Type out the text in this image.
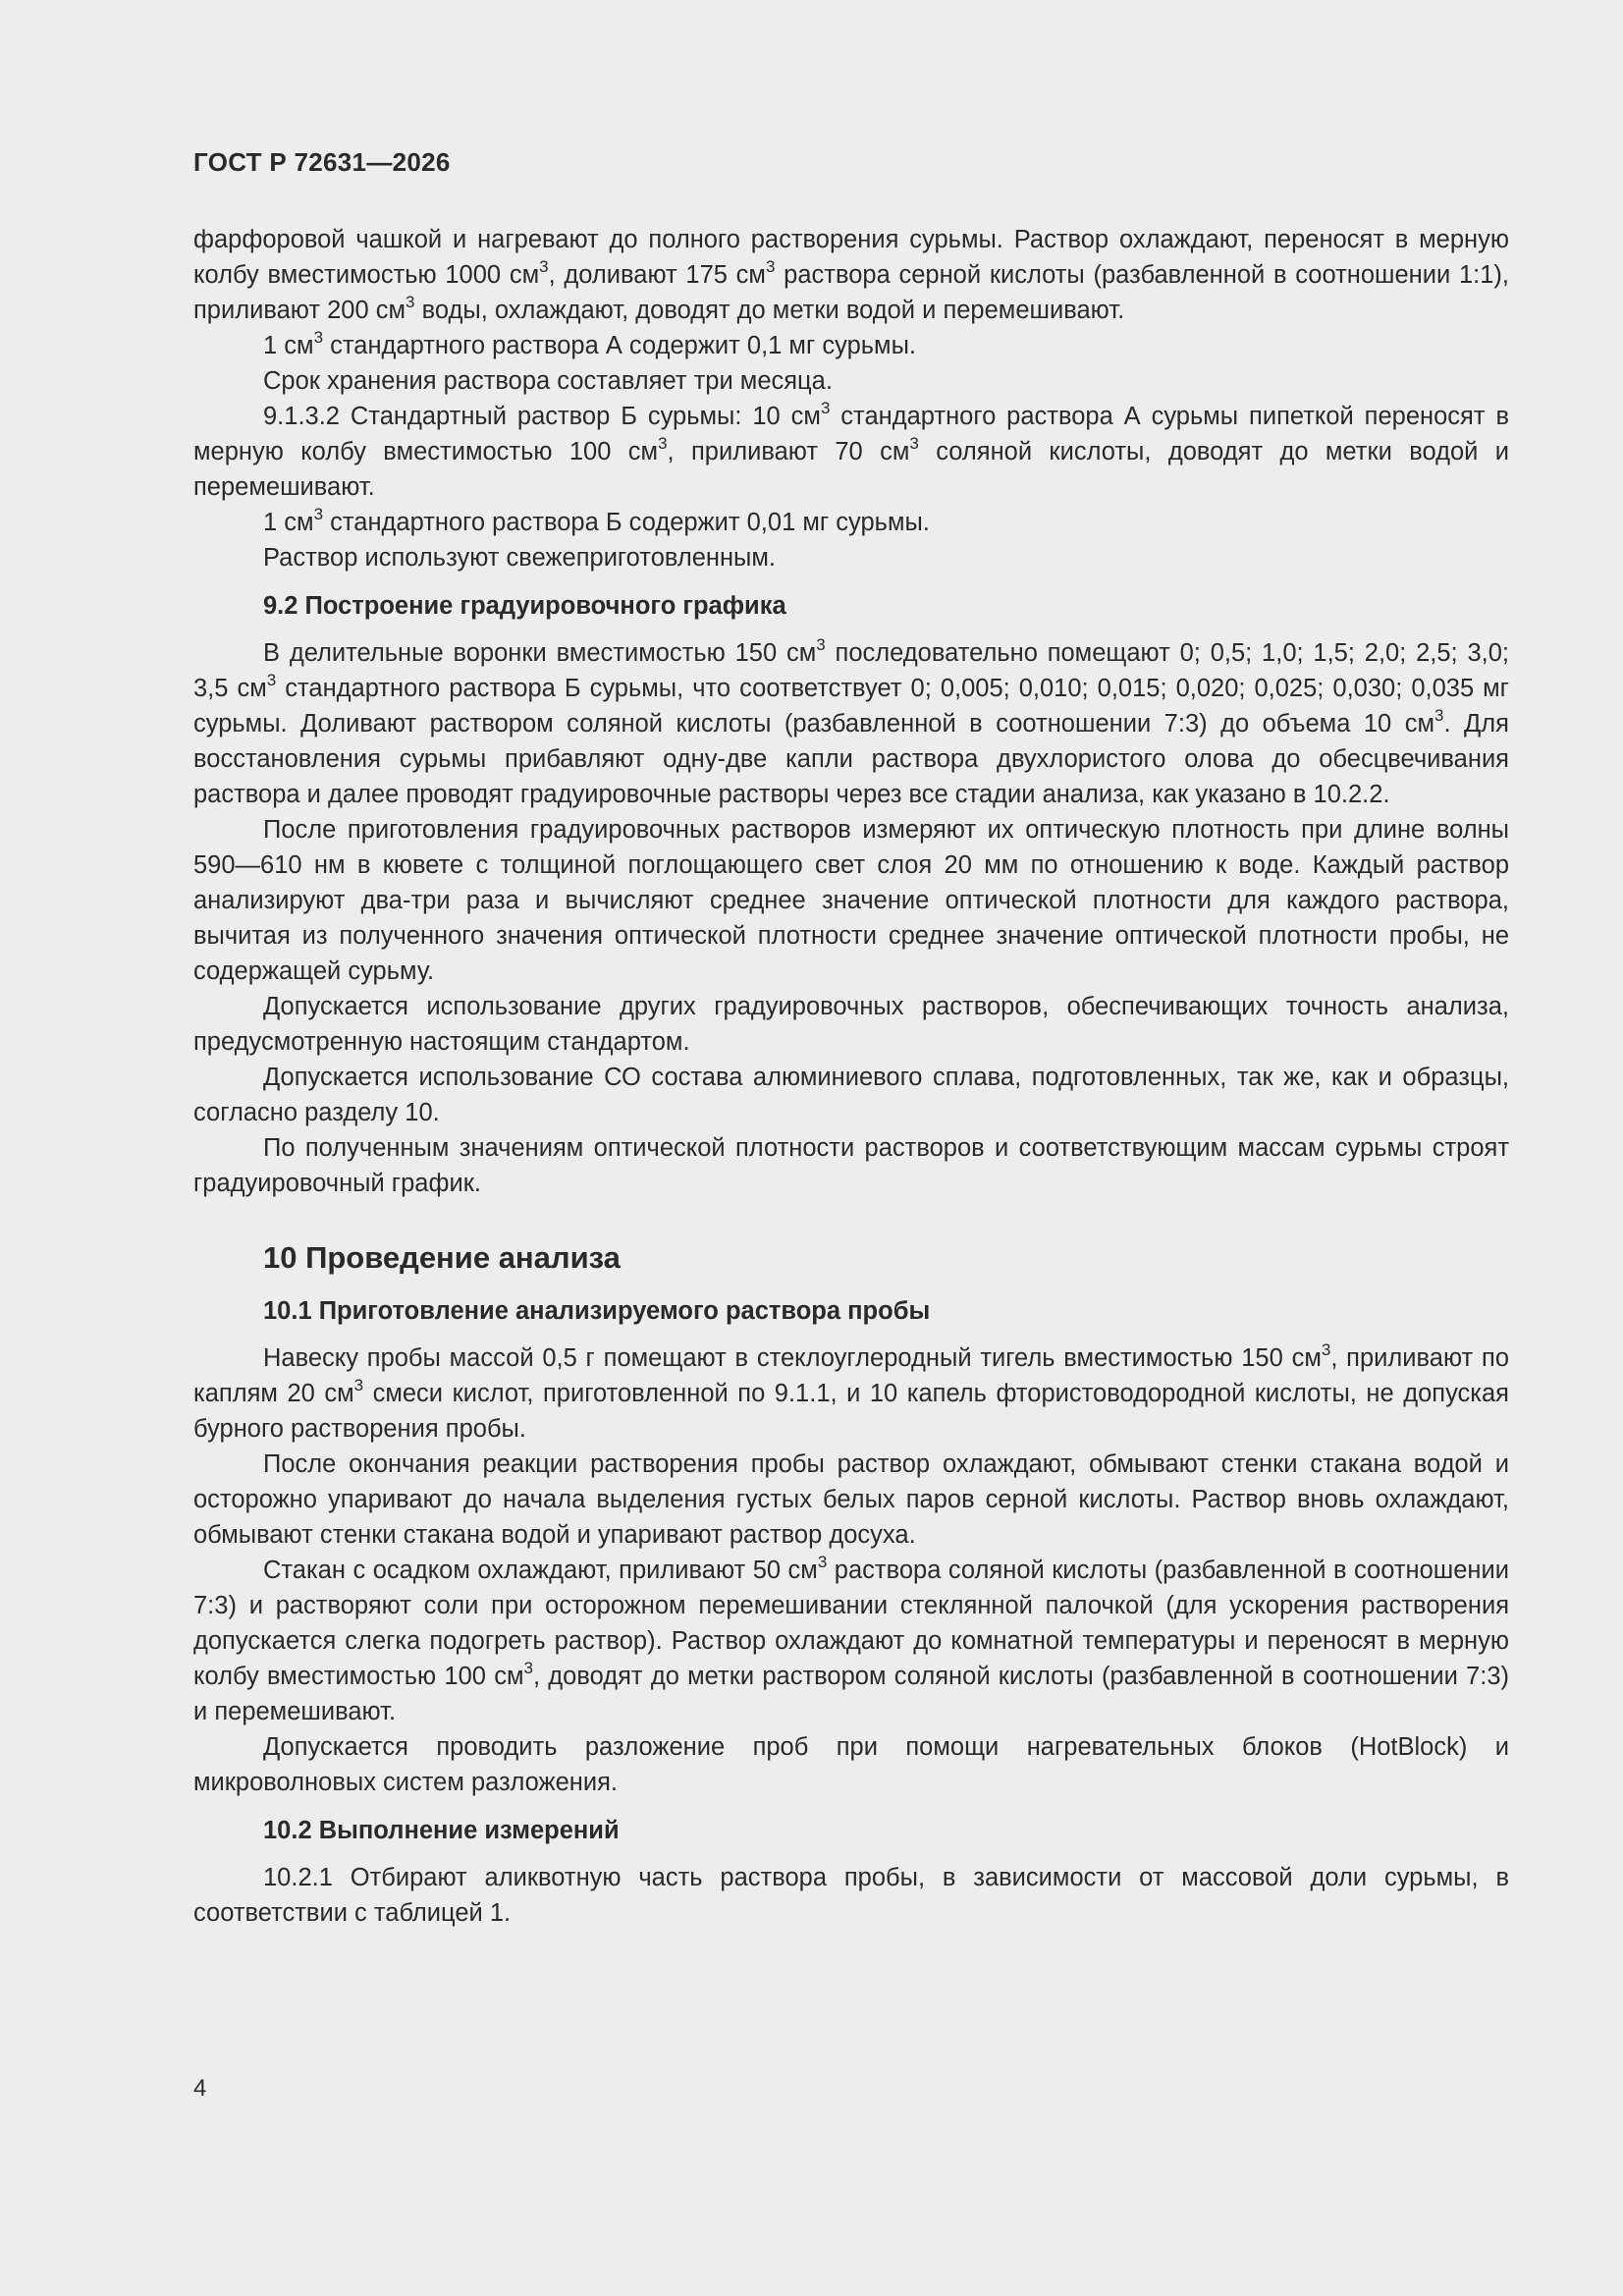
ГОСТ Р 72631—2026

фарфоровой чашкой и нагревают до полного растворения сурьмы. Раствор охлаждают, переносят в мерную колбу вместимостью 1000 $см^3$, доливают 175 $см^3$ раствора серной кислоты (разбавленной в соотношении 1:1), приливают 200 $см^3$ воды, охлаждают, доводят до метки водой и перемешивают.

1 $см^3$ стандартного раствора А содержит 0,1 мг сурьмы.

Срок хранения раствора составляет три месяца.

9.1.3.2 Стандартный раствор Б сурьмы: 10 $см^3$ стандартного раствора А сурьмы пипеткой переносят в мерную колбу вместимостью 100 $см^3$, приливают 70 $см^3$ соляной кислоты, доводят до метки водой и перемешивают.

1 $см^3$ стандартного раствора Б содержит 0,01 мг сурьмы.

Раствор используют свежеприготовленным.

9.2 Построение градуировочного графика

В делительные воронки вместимостью 150 $см^3$ последовательно помещают 0; 0,5; 1,0; 1,5; 2,0; 2,5; 3,0; 3,5 $см^3$ стандартного раствора Б сурьмы, что соответствует 0; 0,005; 0,010; 0,015; 0,020; 0,025; 0,030; 0,035 мг сурьмы. Доливают раствором соляной кислоты (разбавленной в соотношении 7:3) до объема 10 $см^3$. Для восстановления сурьмы прибавляют одну-две капли раствора двухлористого олова до обесцвечивания раствора и далее проводят градуировочные растворы через все стадии анализа, как указано в 10.2.2.

После приготовления градуировочных растворов измеряют их оптическую плотность при длине волны 590—610 нм в кювете с толщиной поглощающего свет слоя 20 мм по отношению к воде. Каждый раствор анализируют два-три раза и вычисляют среднее значение оптической плотности для каждого раствора, вычитая из полученного значения оптической плотности среднее значение оптической плотности пробы, не содержащей сурьму.

Допускается использование других градуировочных растворов, обеспечивающих точность анализа, предусмотренную настоящим стандартом.

Допускается использование СО состава алюминиевого сплава, подготовленных, так же, как и образцы, согласно разделу 10.

По полученным значениям оптической плотности растворов и соответствующим массам сурьмы строят градуировочный график.

10 Проведение анализа
10.1 Приготовление анализируемого раствора пробы

Навеску пробы массой 0,5 г помещают в стеклоуглеродный тигель вместимостью 150 $см^3$, приливают по каплям 20 $см^3$ смеси кислот, приготовленной по 9.1.1, и 10 капель фтористоводородной кислоты, не допуская бурного растворения пробы.

После окончания реакции растворения пробы раствор охлаждают, обмывают стенки стакана водой и осторожно упаривают до начала выделения густых белых паров серной кислоты. Раствор вновь охлаждают, обмывают стенки стакана водой и упаривают раствор досуха.

Стакан с осадком охлаждают, приливают 50 $см^3$ раствора соляной кислоты (разбавленной в соотношении 7:3) и растворяют соли при осторожном перемешивании стеклянной палочкой (для ускорения растворения допускается слегка подогреть раствор). Раствор охлаждают до комнатной температуры и переносят в мерную колбу вместимостью 100 $см^3$, доводят до метки раствором соляной кислоты (разбавленной в соотношении 7:3) и перемешивают.

Допускается проводить разложение проб при помощи нагревательных блоков (HotBlock) и микроволновых систем разложения.

10.2 Выполнение измерений

10.2.1 Отбирают аликвотную часть раствора пробы, в зависимости от массовой доли сурьмы, в соответствии с таблицей 1.

4
